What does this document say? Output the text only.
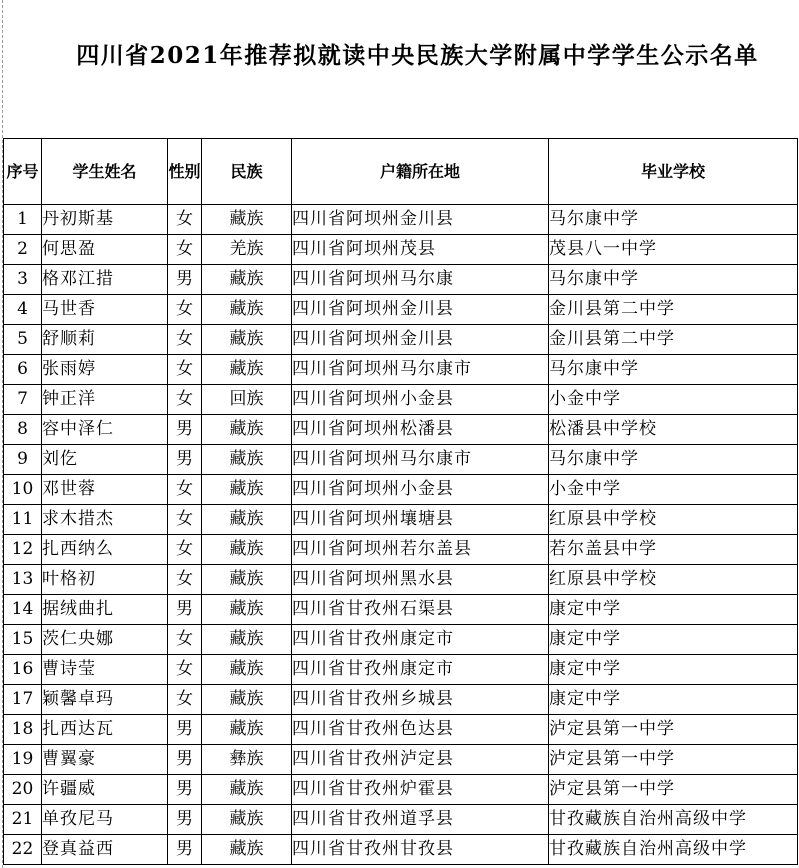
四川省2021年推荐拟就读中央民族大学附属中学学生公示名单
序号	学生姓名	性别	民族	户籍所在地	毕业学校
1	丹初斯基	女	藏族	四川省阿坝州金川县	马尔康中学
2	何思盈	女	羌族	四川省阿坝州茂县	茂县八一中学
3	格邓江措	男	藏族	四川省阿坝州马尔康	马尔康中学
4	马世香	女	藏族	四川省阿坝州金川县	金川县第二中学
5	舒顺莉	女	藏族	四川省阿坝州金川县	金川县第二中学
6	张雨婷	女	藏族	四川省阿坝州马尔康市	马尔康中学
7	钟正洋	女	回族	四川省阿坝州小金县	小金中学
8	容中泽仁	男	藏族	四川省阿坝州松潘县	松潘县中学校
9	刘仡	男	藏族	四川省阿坝州马尔康市	马尔康中学
10	邓世蓉	女	藏族	四川省阿坝州小金县	小金中学
11	求木措杰	女	藏族	四川省阿坝州壤塘县	红原县中学校
12	扎西纳么	女	藏族	四川省阿坝州若尔盖县	若尔盖县中学
13	叶格初	女	藏族	四川省阿坝州黑水县	红原县中学校
14	据绒曲扎	男	藏族	四川省甘孜州石渠县	康定中学
15	茨仁央娜	女	藏族	四川省甘孜州康定市	康定中学
16	曹诗莹	女	藏族	四川省甘孜州康定市	康定中学
17	颖馨卓玛	女	藏族	四川省甘孜州乡城县	康定中学
18	扎西达瓦	男	藏族	四川省甘孜州色达县	泸定县第一中学
19	曹翼豪	男	彝族	四川省甘孜州泸定县	泸定县第一中学
20	许疆威	男	藏族	四川省甘孜州炉霍县	泸定县第一中学
21	单孜尼马	男	藏族	四川省甘孜州道孚县	甘孜藏族自治州高级中学
22	登真益西	男	藏族	四川省甘孜州甘孜县	甘孜藏族自治州高级中学
